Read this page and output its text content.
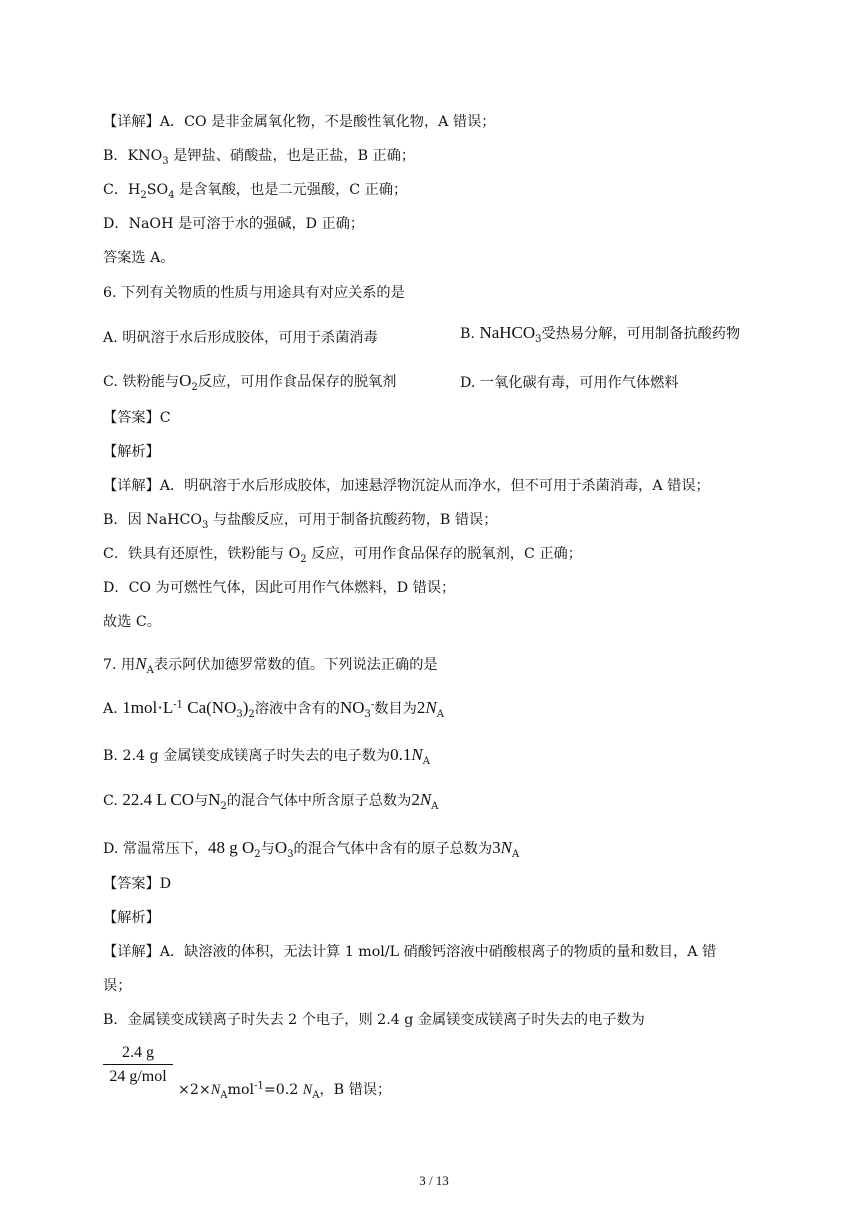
【详解】A．CO 是非金属氧化物，不是酸性氧化物，A 错误；
B．$KNO_3$ 是钾盐、硝酸盐，也是正盐，B 正确；
C．$H_2SO_4$ 是含氧酸，也是二元强酸，C 正确；
D．NaOH 是可溶于水的强碱，D 正确；
答案选 A。
6. 下列有关物质的性质与用途具有对应关系的是
A. 明矾溶于水后形成胶体，可用于杀菌消毒	B. NaHCO$_3$受热易分解，可用制备抗酸药物
C. 铁粉能与$O_2$反应，可用作食品保存的脱氧剂	D. 一氧化碳有毒，可用作气体燃料
【答案】C
【解析】
【详解】A．明矾溶于水后形成胶体，加速悬浮物沉淀从而净水，但不可用于杀菌消毒，A 错误；
B．因 NaHCO$_3$ 与盐酸反应，可用于制备抗酸药物，B 错误；
C．铁具有还原性，铁粉能与 $O_2$ 反应，可用作食品保存的脱氧剂，C 正确；
D．CO 为可燃性气体，因此可用作气体燃料，D 错误；
故选 C。
7. 用$N_A$表示阿伏加德罗常数的值。下列说法正确的是
A. $1mol\cdot L^{-1}$ $Ca(NO_3)_2$溶液中含有的$NO_3^-$数目为$2N_A$
B. 2.4 g 金属镁变成镁离子时失去的电子数为$0.1N_A$
C. 22.4 L CO与$N_2$的混合气体中所含原子总数为$2N_A$
D. 常温常压下，48 g $O_2$与$O_3$的混合气体中含有的原子总数为$3N_A$
【答案】D
【解析】
【详解】A．缺溶液的体积，无法计算 1 mol/L 硝酸钙溶液中硝酸根离子的物质的量和数目，A 错
误；
B．金属镁变成镁离子时失去 2 个电子，则 2.4 g 金属镁变成镁离子时失去的电子数为
2.4 g
24 g/mol
$\times 2\times N_Amol^{-1}=0.2$ $N_A$，B 错误；
3 / 13
